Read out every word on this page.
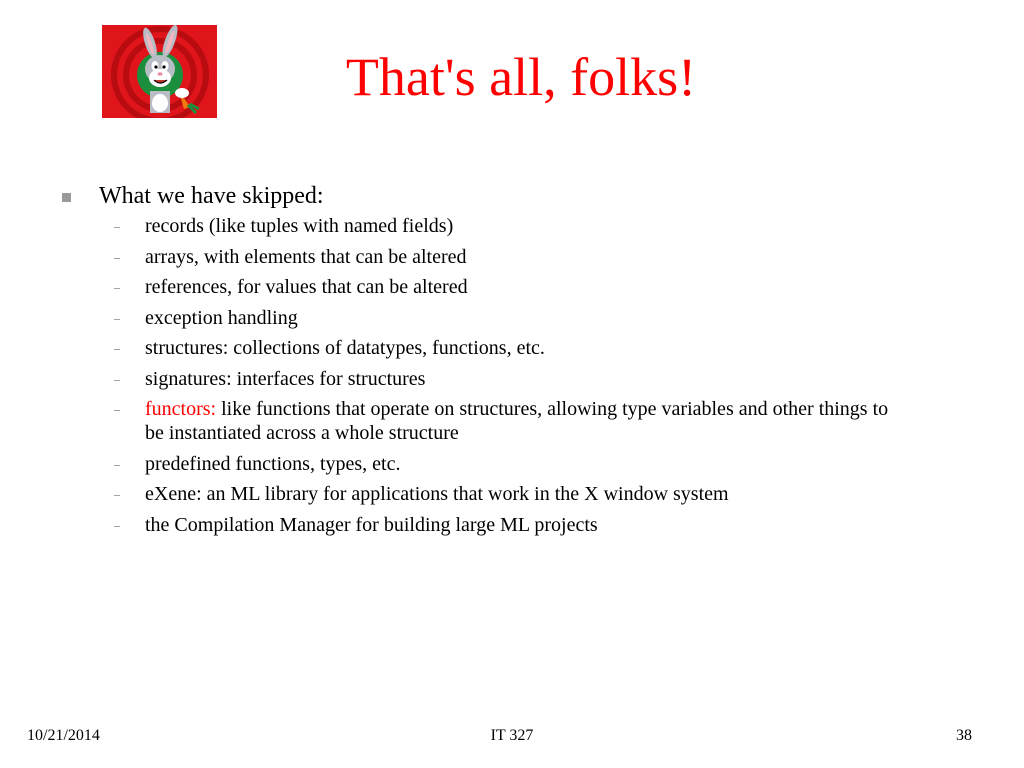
That's all, folks!
What we have skipped:
–	records (like tuples with named fields)
–	arrays, with elements that can be altered
–	references, for values that can be altered
–	exception handling
–	structures: collections of datatypes, functions, etc.
–	signatures: interfaces for structures
–	functors: like functions that operate on structures, allowing type variables and other things to be instantiated across a whole structure
–	predefined functions, types, etc.
–	eXene: an ML library for applications that work in the X window system
–	the Compilation Manager for building large ML projects
10/21/2014	IT 327	38
